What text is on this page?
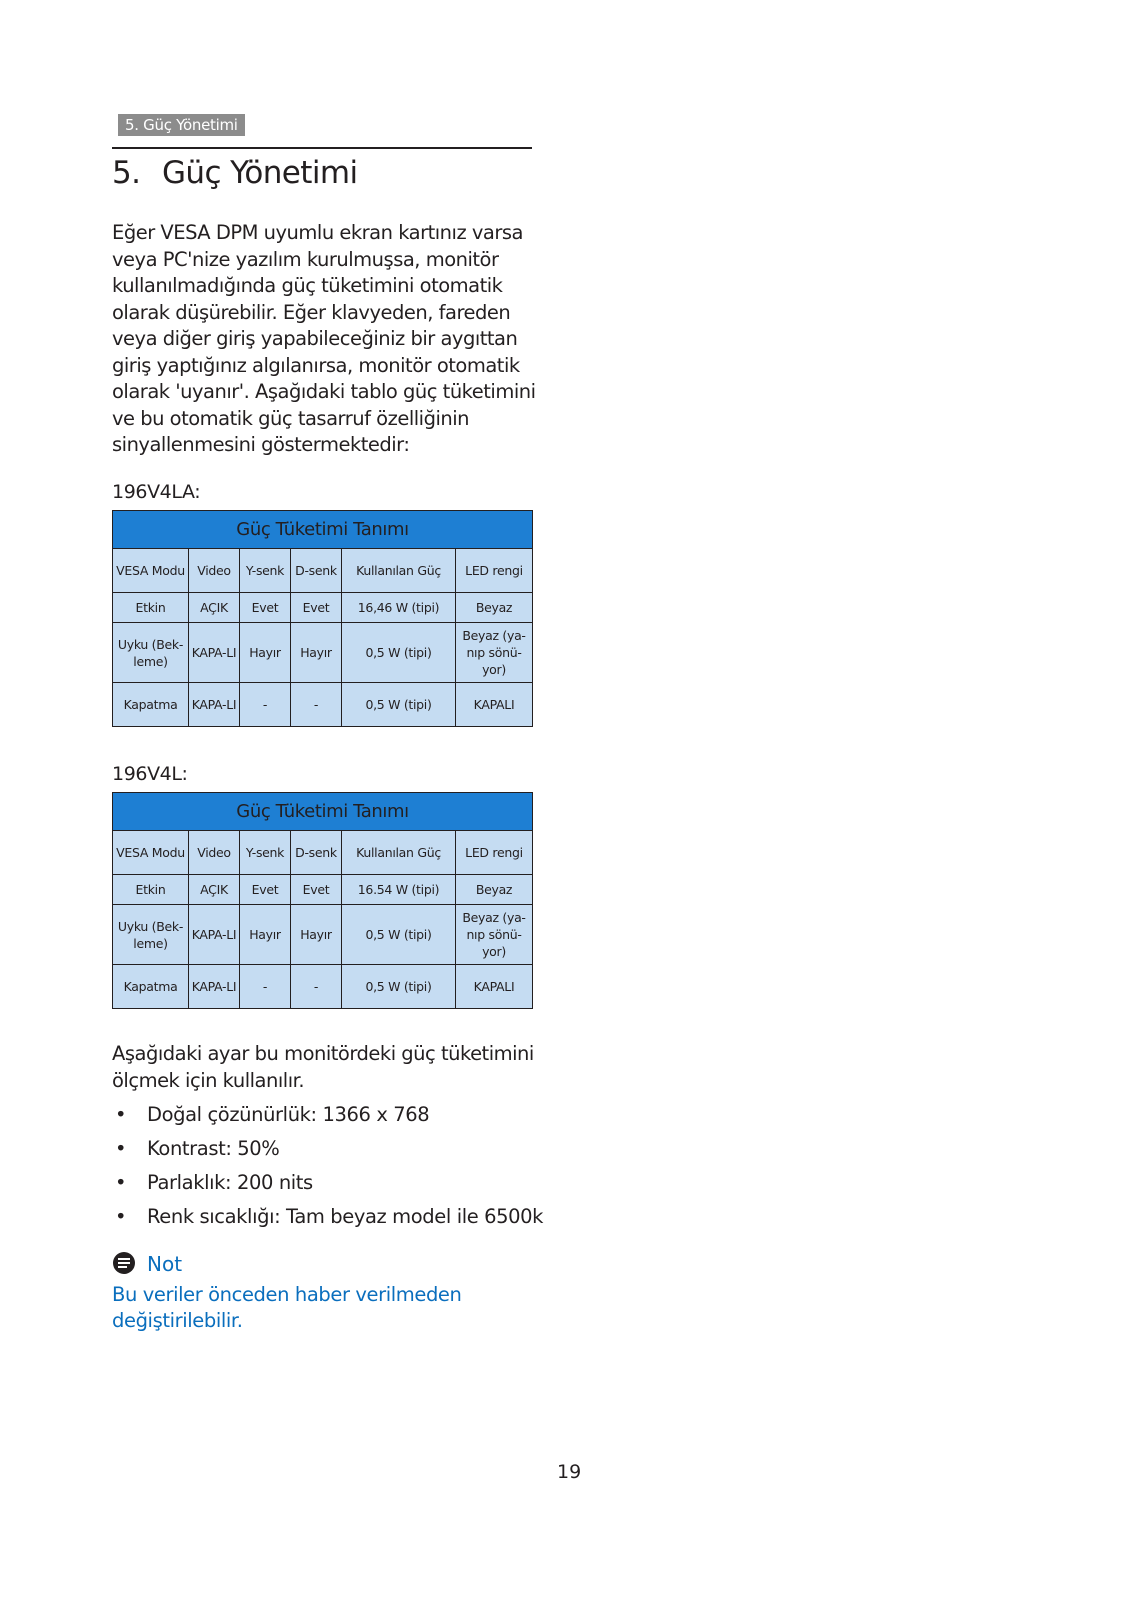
5. Güç Yönetimi
5. Güç Yönetimi

Eğer VESA DPM uyumlu ekran kartınız varsa veya PC'nize yazılım kurulmuşsa, monitör kullanılmadığında güç tüketimini otomatik olarak düşürebilir. Eğer klavyeden, fareden veya diğer giriş yapabileceğiniz bir aygıttan giriş yaptığınız algılanırsa, monitör otomatik olarak 'uyanır'. Aşağıdaki tablo güç tüketimini ve bu otomatik güç tasarruf özelliğinin sinyallenmesini göstermektedir:

196V4LA:
Güç Tüketimi Tanımı					
VESA Modu	Video	Y-senk	D-senk	Kullanılan Güç	LED rengi
Etkin	AÇIK	Evet	Evet	16,46 W (tipi)	Beyaz
Uyku (Bek-leme)	KAPA-LI	Hayır	Hayır	0,5 W (tipi)	Beyaz (ya-nıp sönü-yor)
Kapatma	KAPA-LI	-	-	0,5 W (tipi)	KAPALI
196V4L:
Güç Tüketimi Tanımı					
VESA Modu	Video	Y-senk	D-senk	Kullanılan Güç	LED rengi
Etkin	AÇIK	Evet	Evet	16.54 W (tipi)	Beyaz
Uyku (Bek-leme)	KAPA-LI	Hayır	Hayır	0,5 W (tipi)	Beyaz (ya-nıp sönü-yor)
Kapatma	KAPA-LI	-	-	0,5 W (tipi)	KAPALI

Aşağıdaki ayar bu monitördeki güç tüketimini ölçmek için kullanılır.

• Doğal çözünürlük: 1366 x 768
• Kontrast: 50%
• Parlaklık: 200 nits
• Renk sıcaklığı: Tam beyaz model ile 6500k
Not

Bu veriler önceden haber verilmeden değiştirilebilir.

19
